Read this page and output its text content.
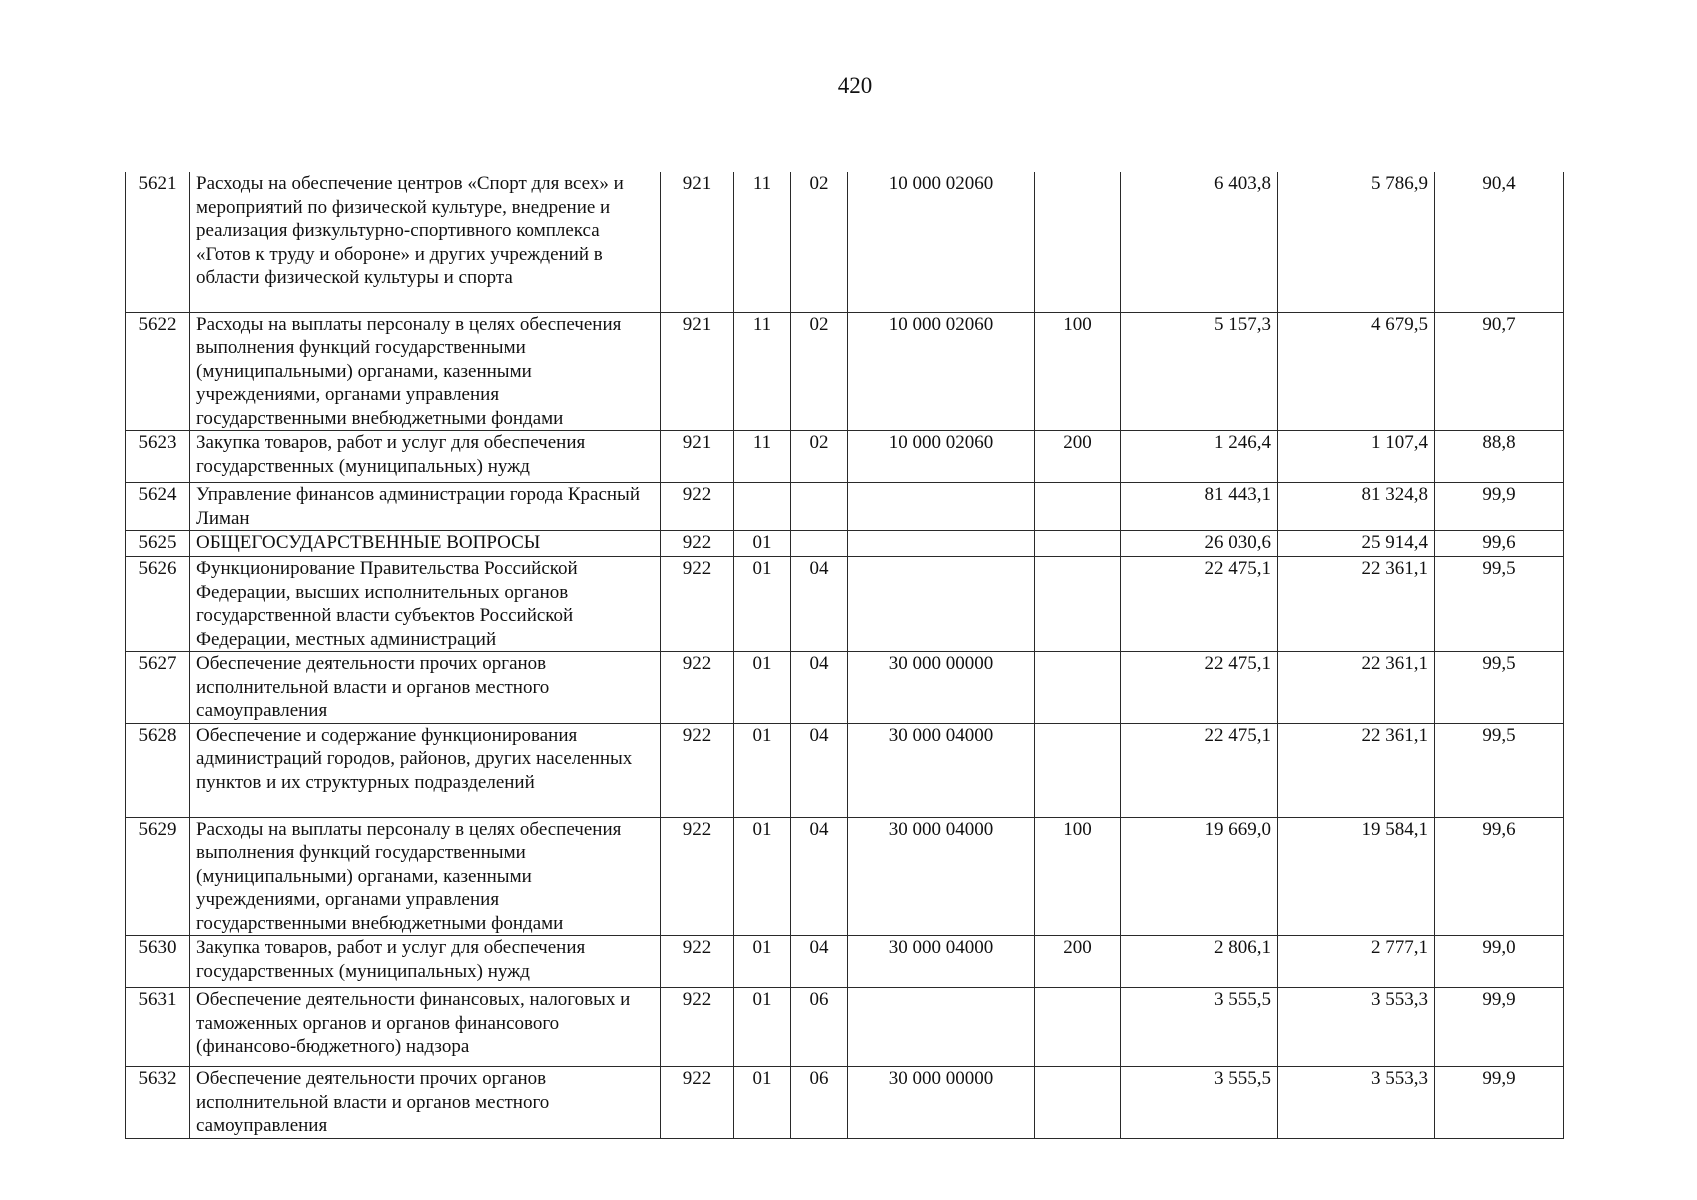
420
5621	Расходы на обеспечение центров «Спорт для всех» и мероприятий по физической культуре, внедрение и реализация физкультурно-спортивного комплекса «Готов к труду и обороне» и других учреждений в области физической культуры и спорта	921	11	02	10 000 02060		6 403,8	5 786,9	90,4
5622	Расходы на выплаты персоналу в целях обеспечения выполнения функций государственными (муниципальными) органами, казенными учреждениями, органами управления государственными внебюджетными фондами	921	11	02	10 000 02060	100	5 157,3	4 679,5	90,7
5623	Закупка товаров, работ и услуг для обеспечения государственных (муниципальных) нужд	921	11	02	10 000 02060	200	1 246,4	1 107,4	88,8
5624	Управление финансов администрации города Красный Лиман	922					81 443,1	81 324,8	99,9
5625	ОБЩЕГОСУДАРСТВЕННЫЕ ВОПРОСЫ	922	01				26 030,6	25 914,4	99,6
5626	Функционирование Правительства Российской Федерации, высших исполнительных органов государственной власти субъектов Российской Федерации, местных администраций	922	01	04			22 475,1	22 361,1	99,5
5627	Обеспечение деятельности прочих органов исполнительной власти и органов местного самоуправления	922	01	04	30 000 00000		22 475,1	22 361,1	99,5
5628	Обеспечение и содержание функционирования администраций городов, районов, других населенных пунктов и их структурных подразделений	922	01	04	30 000 04000		22 475,1	22 361,1	99,5
5629	Расходы на выплаты персоналу в целях обеспечения выполнения функций государственными (муниципальными) органами, казенными учреждениями, органами управления государственными внебюджетными фондами	922	01	04	30 000 04000	100	19 669,0	19 584,1	99,6
5630	Закупка товаров, работ и услуг для обеспечения государственных (муниципальных) нужд	922	01	04	30 000 04000	200	2 806,1	2 777,1	99,0
5631	Обеспечение деятельности финансовых, налоговых и таможенных органов и органов финансового (финансово-бюджетного) надзора	922	01	06			3 555,5	3 553,3	99,9
5632	Обеспечение деятельности прочих органов исполнительной власти и органов местного самоуправления	922	01	06	30 000 00000		3 555,5	3 553,3	99,9
